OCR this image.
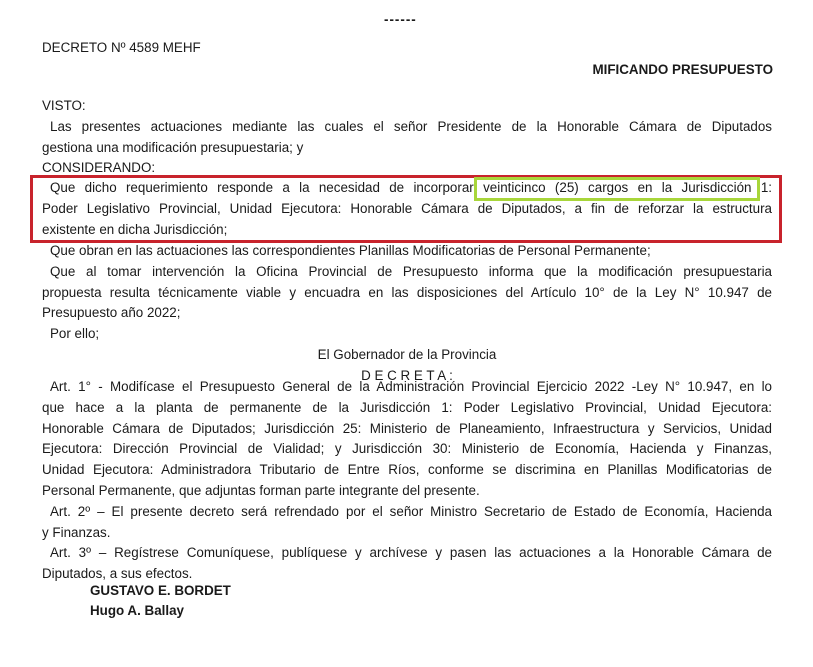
------
DECRETO Nº 4589 MEHF
MIFICANDO PRESUPUESTO
VISTO:
Las presentes actuaciones mediante las cuales el señor Presidente de la Honorable Cámara de Diputados
gestiona una modificación presupuestaria; y
CONSIDERANDO:
Que dicho requerimiento responde a la necesidad de incorporar veinticinco (25) cargos en la Jurisdicción 1:
Poder Legislativo Provincial, Unidad Ejecutora: Honorable Cámara de Diputados, a fin de reforzar la estructura
existente en dicha Jurisdicción;
Que obran en las actuaciones las correspondientes Planillas Modificatorias de Personal Permanente;
Que al tomar intervención la Oficina Provincial de Presupuesto informa que la modificación presupuestaria
propuesta resulta técnicamente viable y encuadra en las disposiciones del Artículo 10° de la Ley N° 10.947 de
Presupuesto año 2022;
Por ello;
El Gobernador de la Provincia
D E C R E T A :
Art. 1° - Modifícase el Presupuesto General de la Administración Provincial Ejercicio 2022 -Ley N° 10.947, en lo
que hace a la planta de permanente de la Jurisdicción 1: Poder Legislativo Provincial, Unidad Ejecutora:
Honorable Cámara de Diputados; Jurisdicción 25: Ministerio de Planeamiento, Infraestructura y Servicios, Unidad
Ejecutora: Dirección Provincial de Vialidad; y Jurisdicción 30: Ministerio de Economía, Hacienda y Finanzas,
Unidad Ejecutora: Administradora Tributario de Entre Ríos, conforme se discrimina en Planillas Modificatorias de
Personal Permanente, que adjuntas forman parte integrante del presente.
Art. 2º – El presente decreto será refrendado por el señor Ministro Secretario de Estado de Economía, Hacienda
y Finanzas.
Art. 3º – Regístrese Comuníquese, publíquese y archívese y pasen las actuaciones a la Honorable Cámara de
Diputados, a sus efectos.
GUSTAVO E. BORDET
Hugo A. Ballay
